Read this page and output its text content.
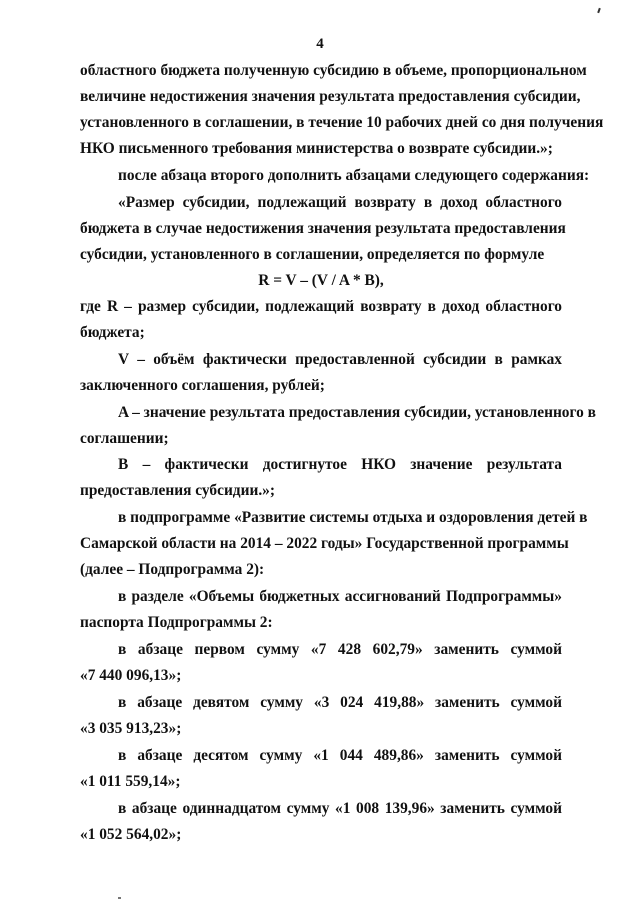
4
областного бюджета полученную субсидию в объеме, пропорциональном
величине недостижения значения результата предоставления субсидии,
установленного в соглашении, в течение 10 рабочих дней со дня получения
НКО письменного требования министерства о возврате субсидии.»;
после абзаца второго дополнить абзацами следующего содержания:
«Размер субсидии, подлежащий возврату в доход областного
бюджета в случае недостижения значения результата предоставления
субсидии, установленного в соглашении, определяется по формуле
R = V – (V / A * B),
где R – размер субсидии, подлежащий возврату в доход областного
бюджета;
V – объём фактически предоставленной субсидии в рамках
заключенного соглашения, рублей;
A – значение результата предоставления субсидии, установленного в
соглашении;
B – фактически достигнутое НКО значение результата
предоставления субсидии.»;
в подпрограмме «Развитие системы отдыха и оздоровления детей в
Самарской области на 2014 – 2022 годы» Государственной программы
(далее – Подпрограмма 2):
в разделе «Объемы бюджетных ассигнований Подпрограммы»
паспорта Подпрограммы 2:
в абзаце первом сумму «7 428 602,79» заменить суммой
«7 440 096,13»;
в абзаце девятом сумму «3 024 419,88» заменить суммой
«3 035 913,23»;
в абзаце десятом сумму «1 044 489,86» заменить суммой
«1 011 559,14»;
в абзаце одиннадцатом сумму «1 008 139,96» заменить суммой
«1 052 564,02»;
